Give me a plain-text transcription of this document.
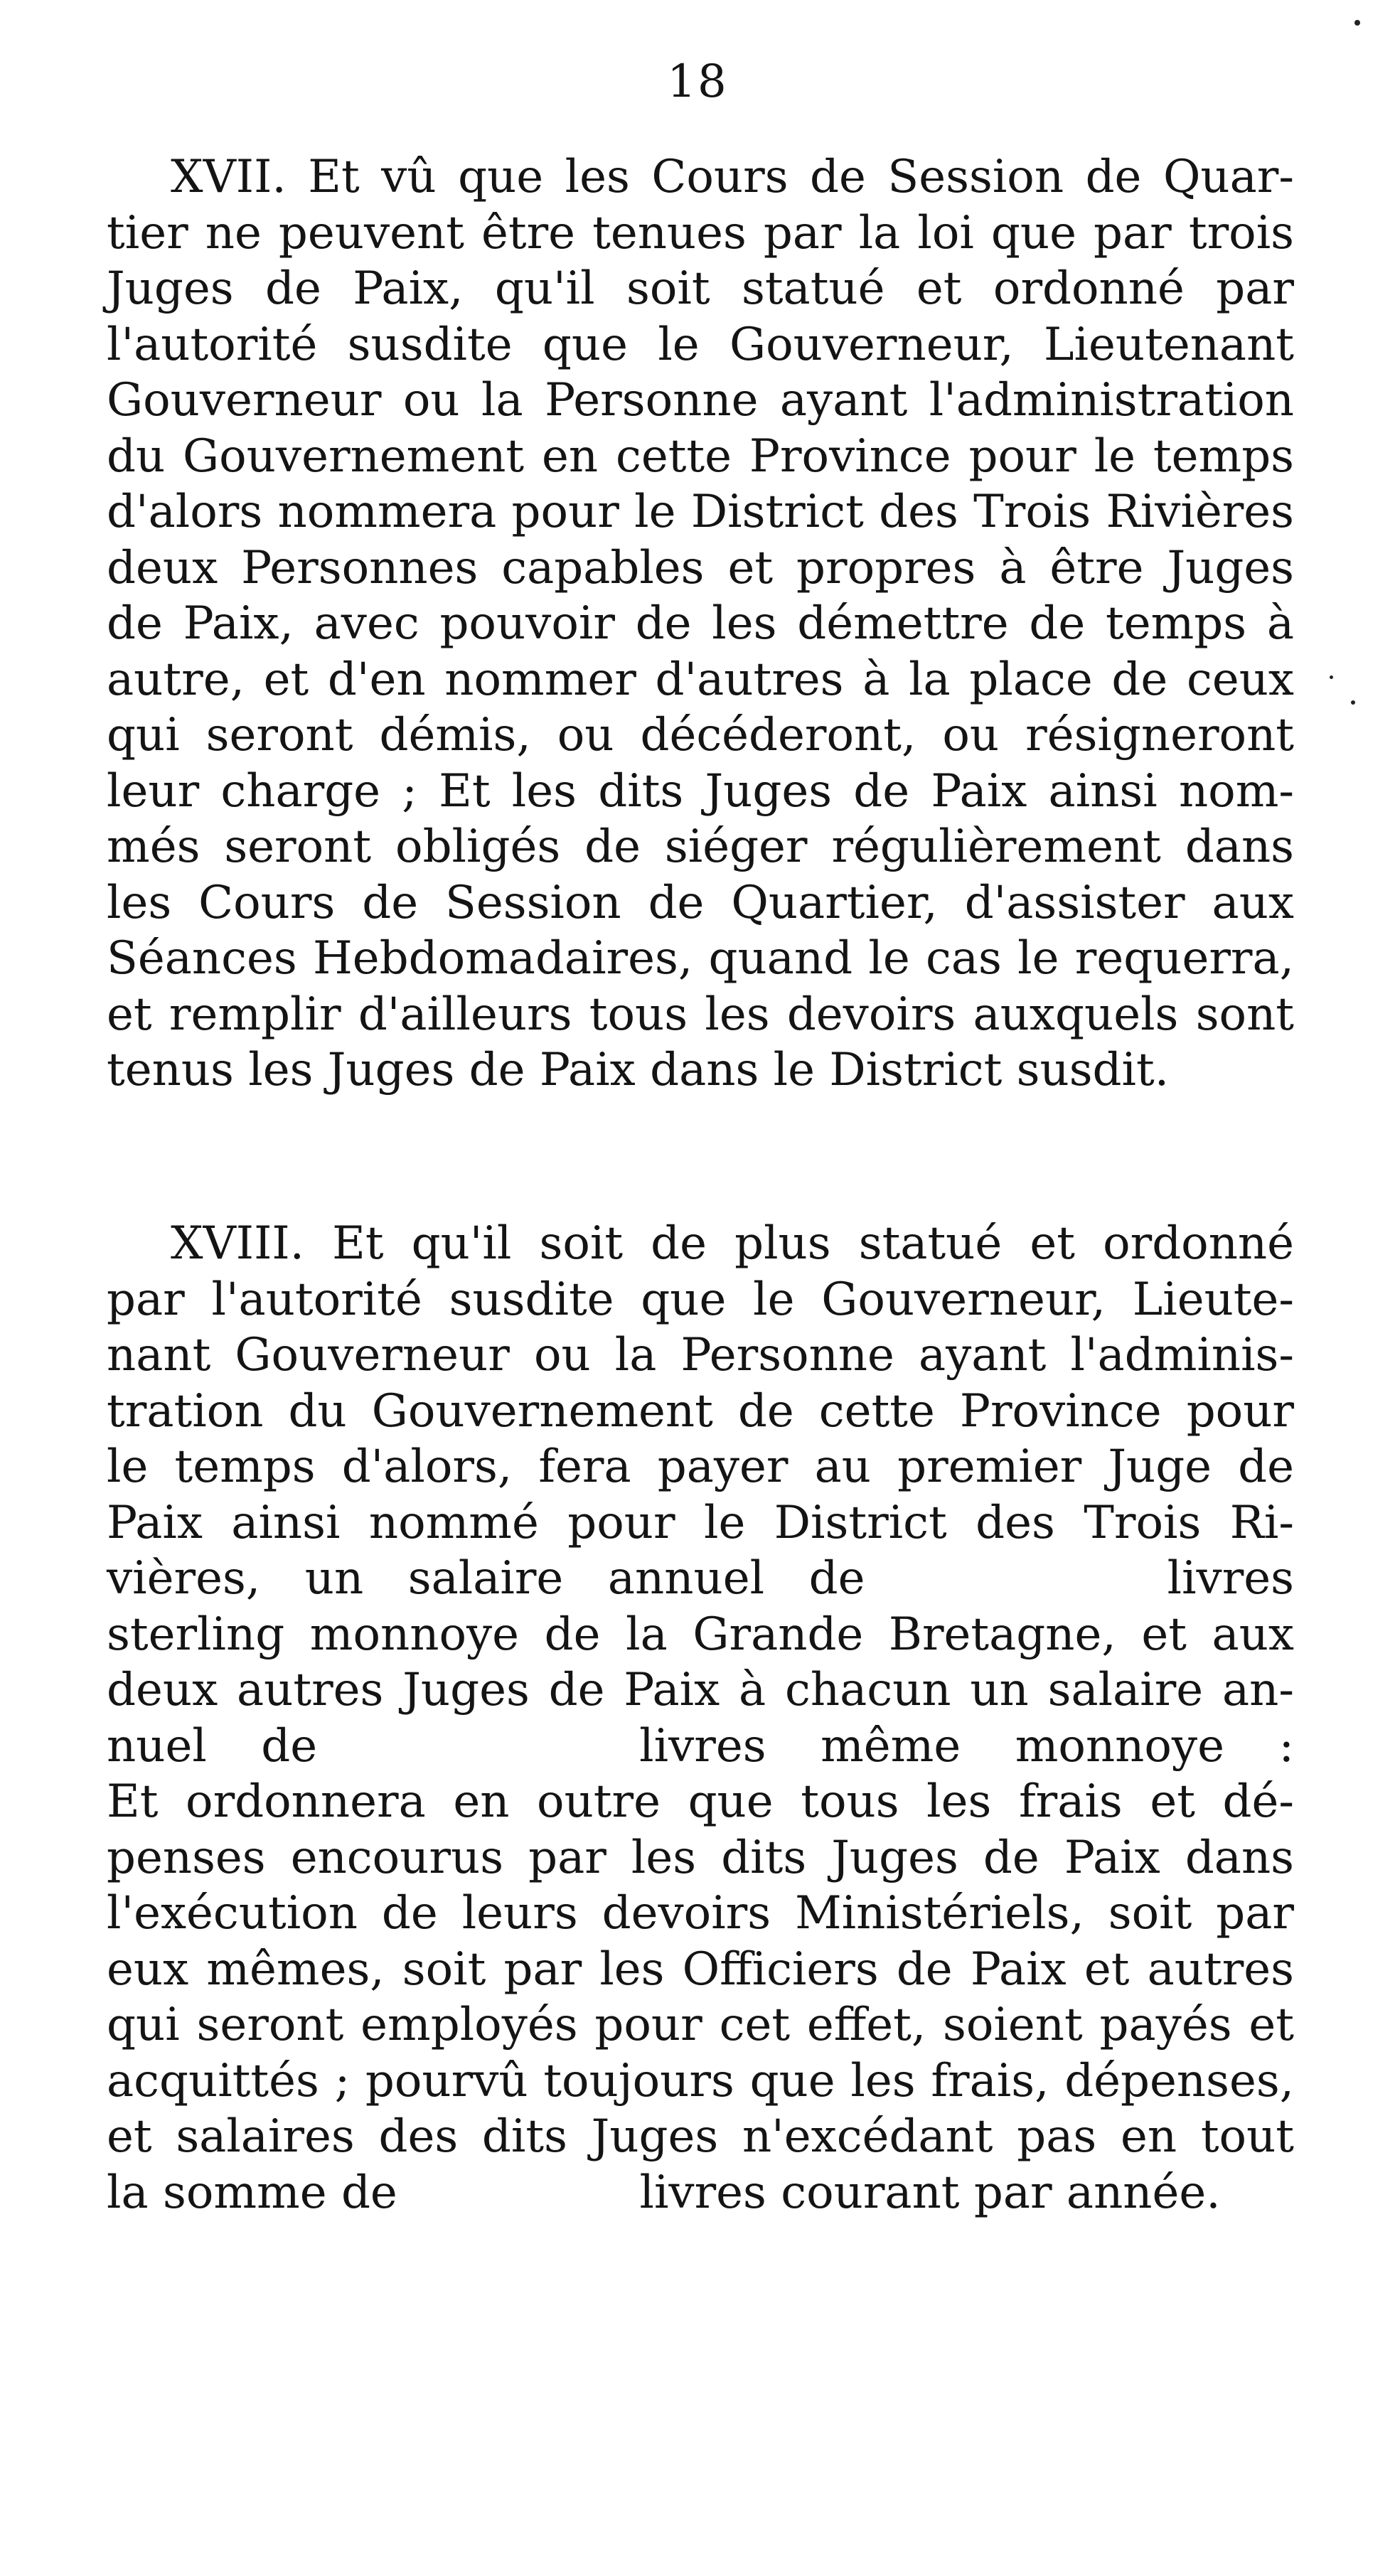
18
XVII. Et vû que les Cours de Session de Quar-
tier ne peuvent être tenues par la loi que par trois
Juges de Paix, qu'il soit statué et ordonné par
l'autorité susdite que le Gouverneur, Lieutenant
Gouverneur ou la Personne ayant l'administration
du Gouvernement en cette Province pour le temps
d'alors nommera pour le District des Trois Rivières
deux Personnes capables et propres à être Juges
de Paix, avec pouvoir de les démettre de temps à
autre, et d'en nommer d'autres à la place de ceux
qui seront démis, ou décéderont, ou résigneront
leur charge ; Et les dits Juges de Paix ainsi nom-
més seront obligés de siéger régulièrement dans
les Cours de Session de Quartier, d'assister aux
Séances Hebdomadaires, quand le cas le requerra,
et remplir d'ailleurs tous les devoirs auxquels sont
tenus les Juges de Paix dans le District susdit.
XVIII. Et qu'il soit de plus statué et ordonné
par l'autorité susdite que le Gouverneur, Lieute-
nant Gouverneur ou la Personne ayant l'adminis-
tration du Gouvernement de cette Province pour
le temps d'alors, fera payer au premier Juge de
Paix ainsi nommé pour le District des Trois Ri-
vières, un salaire annuel de	livres
sterling monnoye de la Grande Bretagne, et aux
deux autres Juges de Paix à chacun un salaire an-
nuel de	livres même monnoye :
Et ordonnera en outre que tous les frais et dé-
penses encourus par les dits Juges de Paix dans
l'exécution de leurs devoirs Ministériels, soit par
eux mêmes, soit par les Officiers de Paix et autres
qui seront employés pour cet effet, soient payés et
acquittés ; pourvû toujours que les frais, dépenses,
et salaires des dits Juges n'excédant pas en tout
la somme de	livres courant par année.
